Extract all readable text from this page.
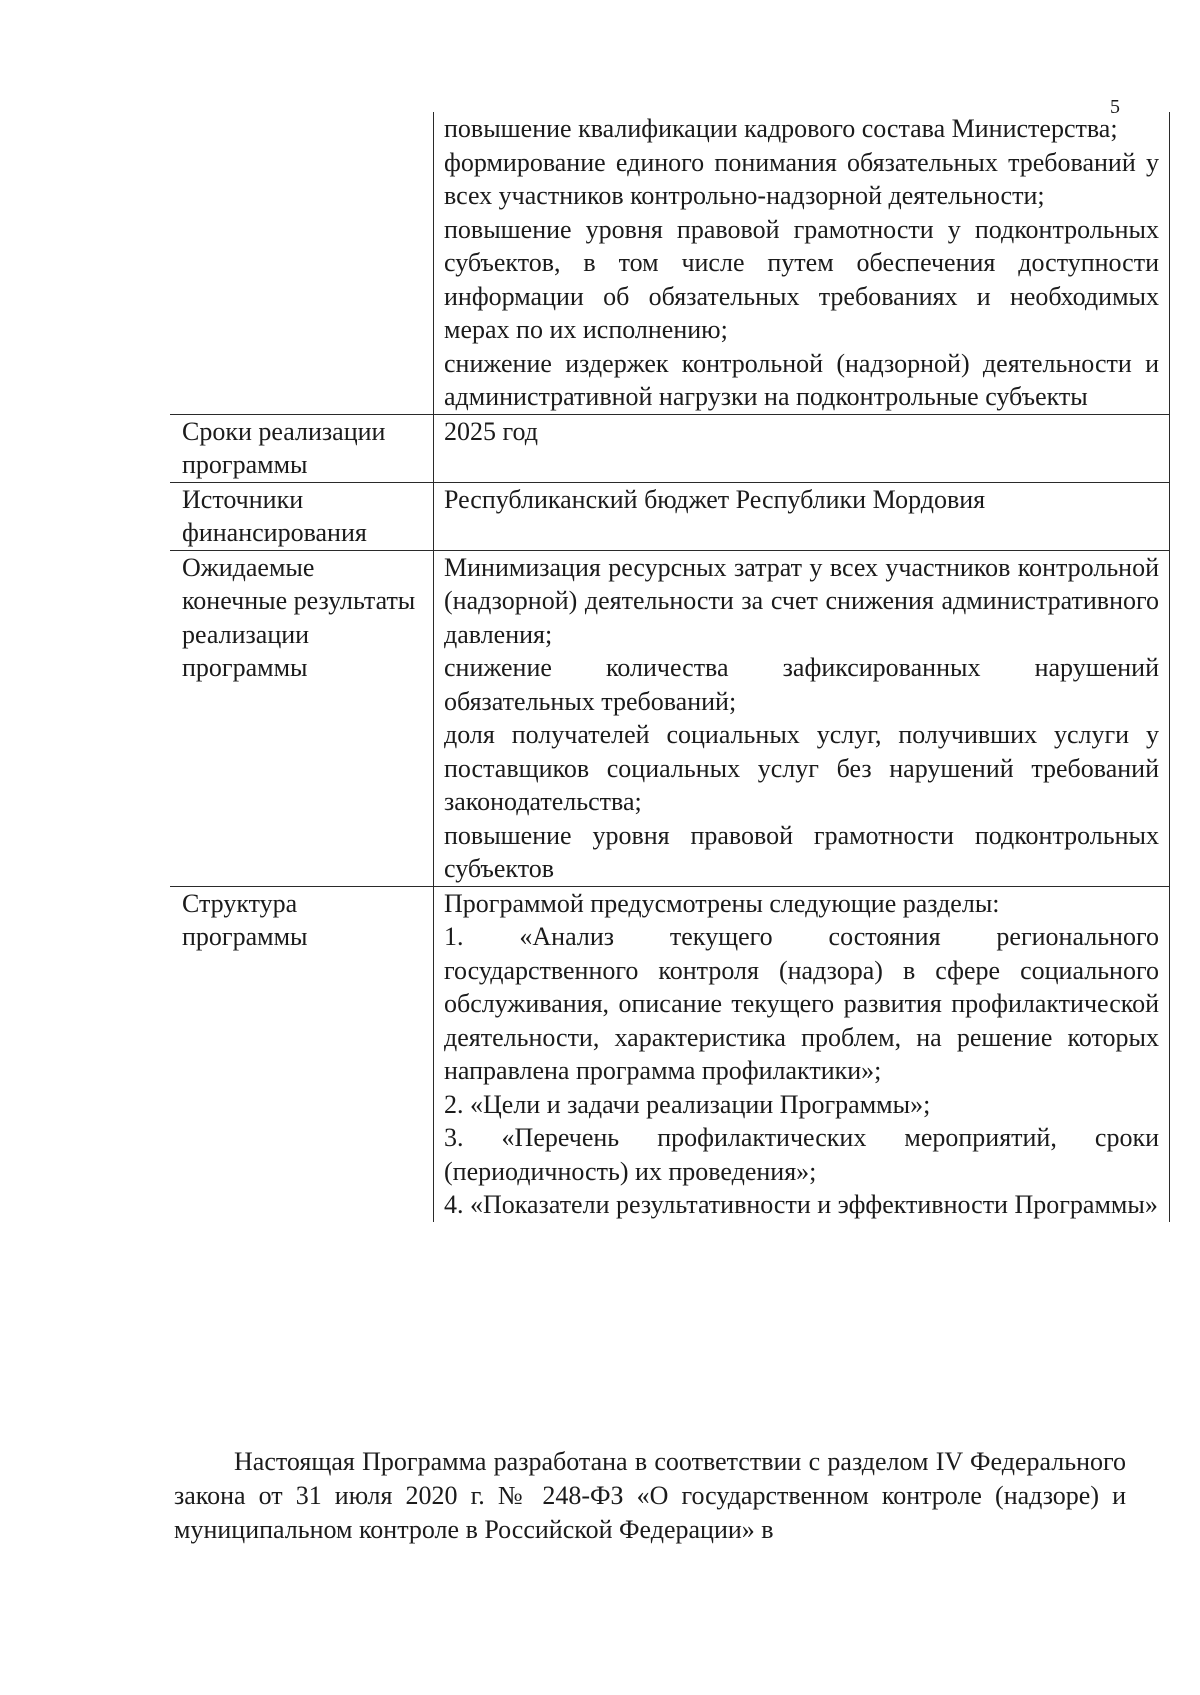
5

	повышение квалификации кадрового состава Министерства;
формирование единого понимания обязательных требований у всех участников контрольно-надзорной деятельности;
повышение уровня правовой грамотности у подконтрольных субъектов, в том числе путем обеспечения доступности информации об обязательных требованиях и необходимых мерах по их исполнению;
снижение издержек контрольной (надзорной) деятельности и административной нагрузки на подконтрольные субъекты

Сроки реализации программы	2025 год

Источники финансирования	Республиканский бюджет Республики Мордовия

Ожидаемые конечные результаты реализации программы	Минимизация ресурсных затрат у всех участников контрольной (надзорной) деятельности за счет снижения административного давления;
снижение количества зафиксированных нарушений обязательных требований;
доля получателей социальных услуг, получивших услуги у поставщиков социальных услуг без нарушений требований законодательства;
повышение уровня правовой грамотности подконтрольных субъектов

Структура программы	Программой предусмотрены следующие разделы:
1. «Анализ текущего состояния регионального государственного контроля (надзора) в сфере социального обслуживания, описание текущего развития профилактической деятельности, характеристика проблем, на решение которых направлена программа профилактики»;
2. «Цели и задачи реализации Программы»;
3. «Перечень профилактических мероприятий, сроки (периодичность) их проведения»;
4. «Показатели результативности и эффективности Программы»
Настоящая Программа разработана в соответствии с разделом IV Федерального закона от 31 июля 2020 г. № 248-ФЗ «О государственном контроле (надзоре) и муниципальном контроле в Российской Федерации» в
